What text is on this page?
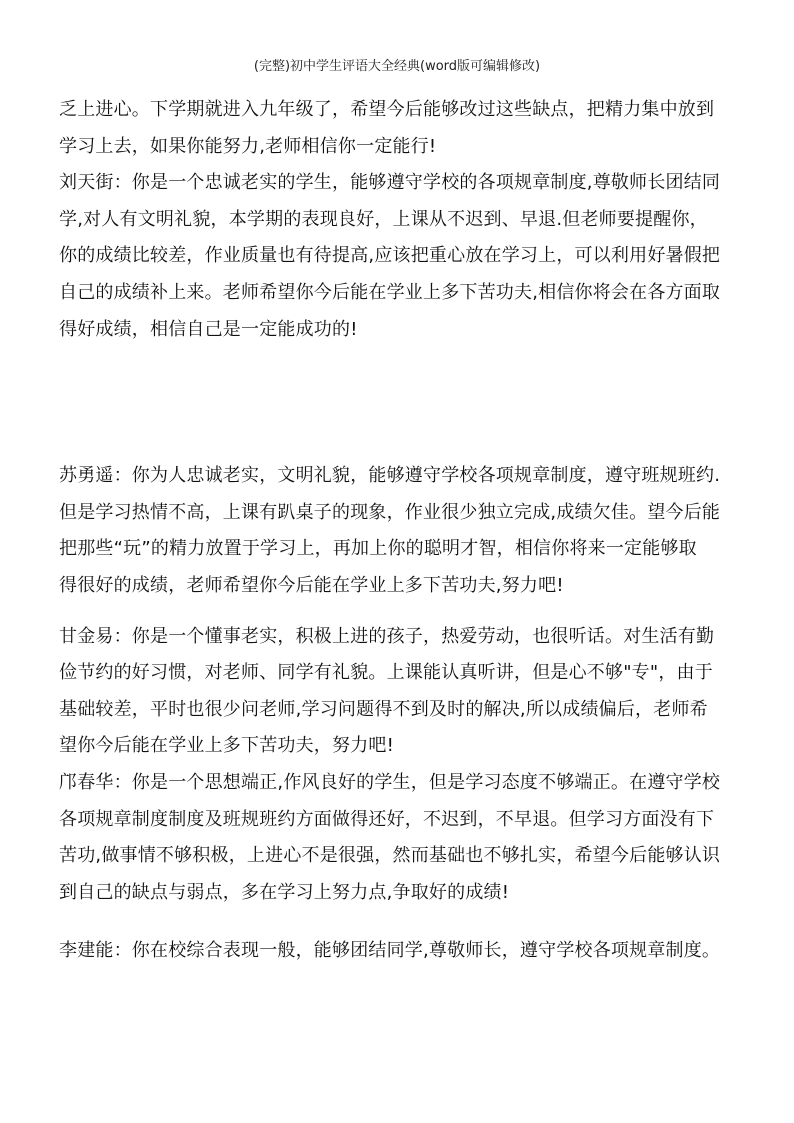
(完整)初中学生评语大全经典(word版可编辑修改)

乏上进心。下学期就进入九年级了，希望今后能够改过这些缺点，把精力集中放到
学习上去，如果你能努力,老师相信你一定能行!

刘天街：你是一个忠诚老实的学生，能够遵守学校的各项规章制度,尊敬师长团结同
学,对人有文明礼貌，本学期的表现良好，上课从不迟到、早退.但老师要提醒你，
你的成绩比较差，作业质量也有待提高,应该把重心放在学习上，可以利用好暑假把
自己的成绩补上来。老师希望你今后能在学业上多下苦功夫,相信你将会在各方面取
得好成绩，相信自己是一定能成功的!

苏勇遥：你为人忠诚老实，文明礼貌，能够遵守学校各项规章制度，遵守班规班约.
但是学习热情不高，上课有趴桌子的现象，作业很少独立完成,成绩欠佳。望今后能
把那些“玩”的精力放置于学习上，再加上你的聪明才智，相信你将来一定能够取
得很好的成绩，老师希望你今后能在学业上多下苦功夫,努力吧!

甘金易：你是一个懂事老实，积极上进的孩子，热爱劳动，也很听话。对生活有勤
俭节约的好习惯，对老师、同学有礼貌。上课能认真听讲，但是心不够"专"，由于
基础较差，平时也很少问老师,学习问题得不到及时的解决,所以成绩偏后，老师希
望你今后能在学业上多下苦功夫，努力吧!

邝春华：你是一个思想端正,作风良好的学生，但是学习态度不够端正。在遵守学校
各项规章制度制度及班规班约方面做得还好，不迟到，不早退。但学习方面没有下
苦功,做事情不够积极，上进心不是很强，然而基础也不够扎实，希望今后能够认识
到自己的缺点与弱点，多在学习上努力点,争取好的成绩!

李建能：你在校综合表现一般，能够团结同学,尊敬师长，遵守学校各项规章制度。
